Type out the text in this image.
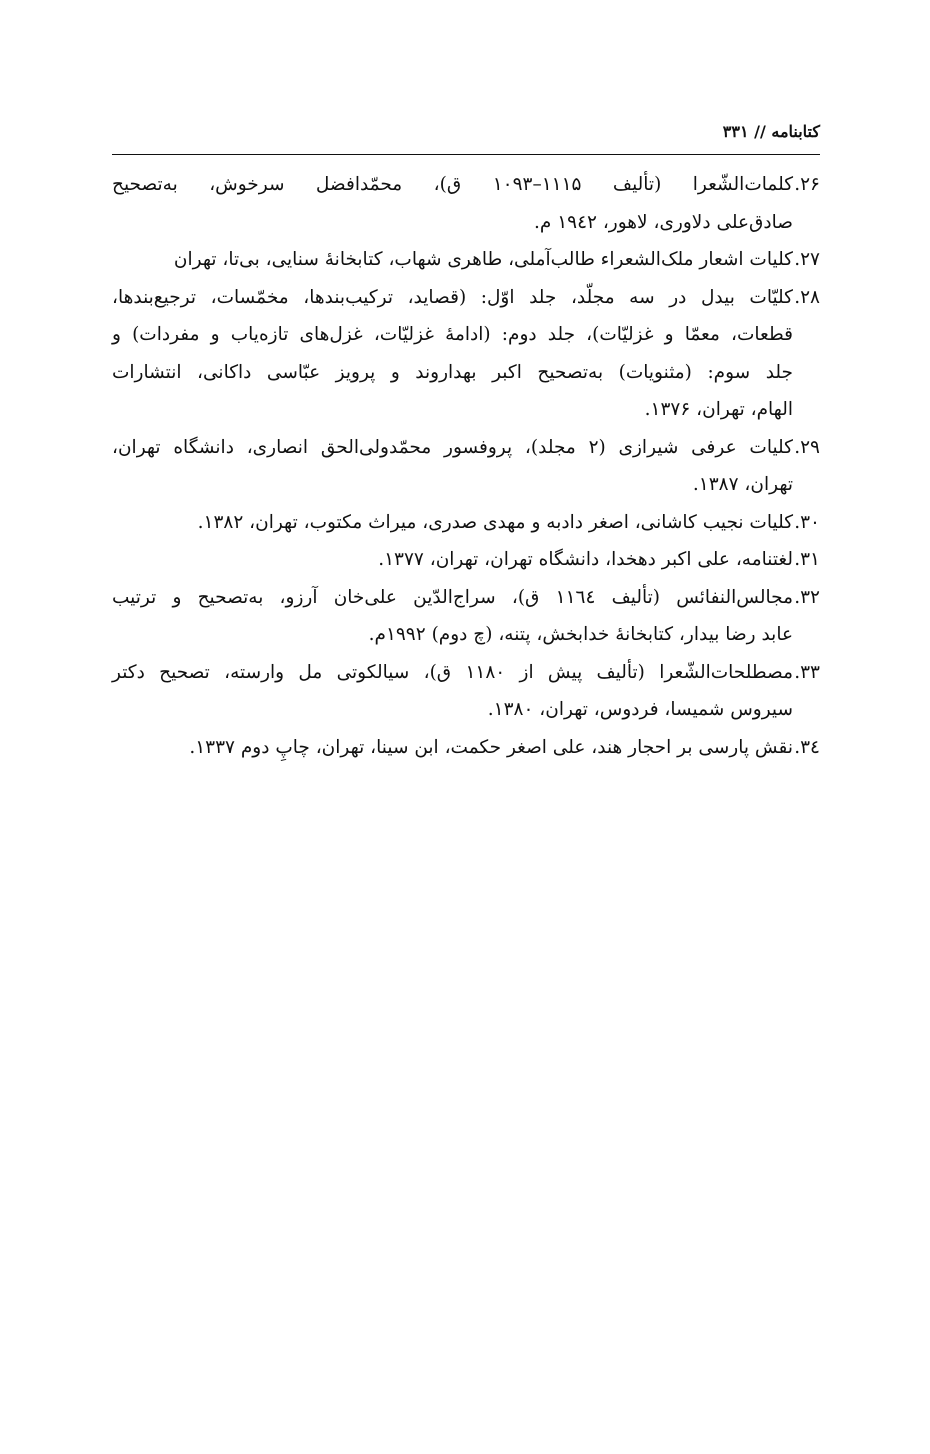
کتابنامه // ۳۳۱
۲۶.
کلمات‌الشّعرا (تألیف ۱۱۱۵–۱۰۹۳ ق)، محمّدافضل سرخوش، به‌تصحیح
صادق‌علی دلاوری، لاهور، ۱۹٤۲ م.
۲۷.
کلیات اشعار ملک‌الشعراء طالب‌آملی، طاهری شهاب، کتابخانهٔ سنایی، بی‌تا، تهران
۲۸.
کلیّات بیدل در سه مجلّد، جلد اوّل: (قصاید، ترکیب‌بندها، مخمّسات، ترجیع‌بندها،
قطعات، معمّا و غزلیّات)، جلد دوم: (ادامهٔ غزلیّات، غزل‌های تازه‌یاب و مفردات) و
جلد سوم: (مثنویات) به‌تصحیح اکبر بهداروند و پرویز عبّاسی داکانی، انتشارات
الهام، تهران، ۱۳۷۶.
۲۹.
کلیات عرفی شیرازی (۲ مجلد)، پروفسور محمّدولی‌الحق انصاری، دانشگاه تهران،
تهران، ۱۳۸۷.
۳۰.
کلیات نجیب کاشانی، اصغر دادبه و مهدی صدری، میراث مکتوب، تهران، ۱۳۸۲.
۳۱.
لغتنامه، علی اکبر دهخدا، دانشگاه تهران، تهران، ۱۳۷۷.
۳۲.
مجالس‌النفائس (تألیف ۱۱٦٤ ق)، سراج‌الدّین علی‌خان آرزو، به‌تصحیح و ترتیب
عابد رضا بیدار، کتابخانهٔ خدابخش، پتنه، (چ دوم) ۱۹۹۲م.
۳۳.
مصطلحات‌الشّعرا (تألیف پیش از ۱۱۸۰ ق)، سیالکوتی مل وارسته، تصحیح دکتر
سیروس شمیسا، فردوس، تهران، ۱۳۸۰.
۳٤.
نقش پارسی بر احجار هند، علی اصغر حکمت، ابن سینا، تهران، چاپِ دوم ۱۳۳۷.
